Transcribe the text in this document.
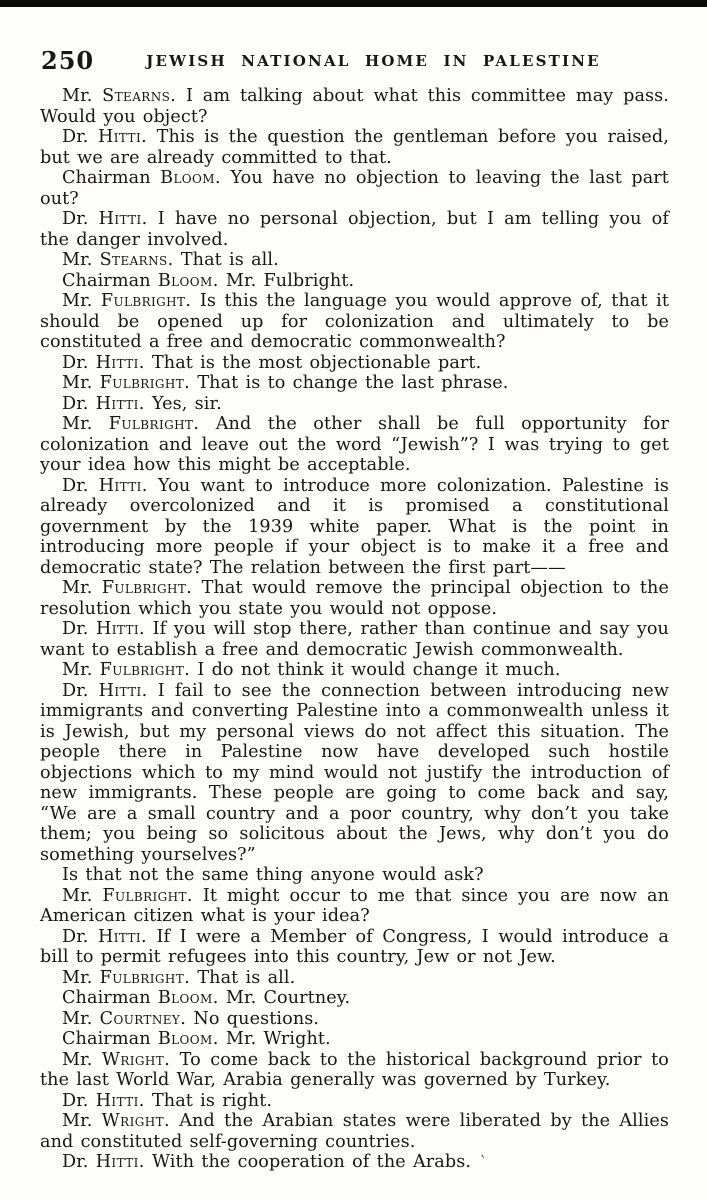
250	JEWISH NATIONAL HOME IN PALESTINE

Mr. Stearns. I am talking about what this committee may pass. Would you object?

Dr. Hitti. This is the question the gentleman before you raised, but we are already committed to that.

Chairman Bloom. You have no objection to leaving the last part out?

Dr. Hitti. I have no personal objection, but I am telling you of the danger involved.

Mr. Stearns. That is all.

Chairman Bloom. Mr. Fulbright.

Mr. Fulbright. Is this the language you would approve of, that it should be opened up for colonization and ultimately to be constituted a free and democratic commonwealth?

Dr. Hitti. That is the most objectionable part.

Mr. Fulbright. That is to change the last phrase.

Dr. Hitti. Yes, sir.

Mr. Fulbright. And the other shall be full opportunity for colonization and leave out the word “Jewish”? I was trying to get your idea how this might be acceptable.

Dr. Hitti. You want to introduce more colonization. Palestine is already overcolonized and it is promised a constitutional government by the 1939 white paper. What is the point in introducing more people if your object is to make it a free and democratic state? The relation between the first part——

Mr. Fulbright. That would remove the principal objection to the resolution which you state you would not oppose.

Dr. Hitti. If you will stop there, rather than continue and say you want to establish a free and democratic Jewish commonwealth.

Mr. Fulbright. I do not think it would change it much.

Dr. Hitti. I fail to see the connection between introducing new immigrants and converting Palestine into a commonwealth unless it is Jewish, but my personal views do not affect this situation. The people there in Palestine now have developed such hostile objections which to my mind would not justify the introduction of new immigrants. These people are going to come back and say, “We are a small country and a poor country, why don’t you take them; you being so solicitous about the Jews, why don’t you do something yourselves?”

Is that not the same thing anyone would ask?

Mr. Fulbright. It might occur to me that since you are now an American citizen what is your idea?

Dr. Hitti. If I were a Member of Congress, I would introduce a bill to permit refugees into this country, Jew or not Jew.

Mr. Fulbright. That is all.

Chairman Bloom. Mr. Courtney.

Mr. Courtney. No questions.

Chairman Bloom. Mr. Wright.

Mr. Wright. To come back to the historical background prior to the last World War, Arabia generally was governed by Turkey.

Dr. Hitti. That is right.

Mr. Wright. And the Arabian states were liberated by the Allies and constituted self-governing countries.

Dr. Hitti. With the cooperation of the Arabs. `
